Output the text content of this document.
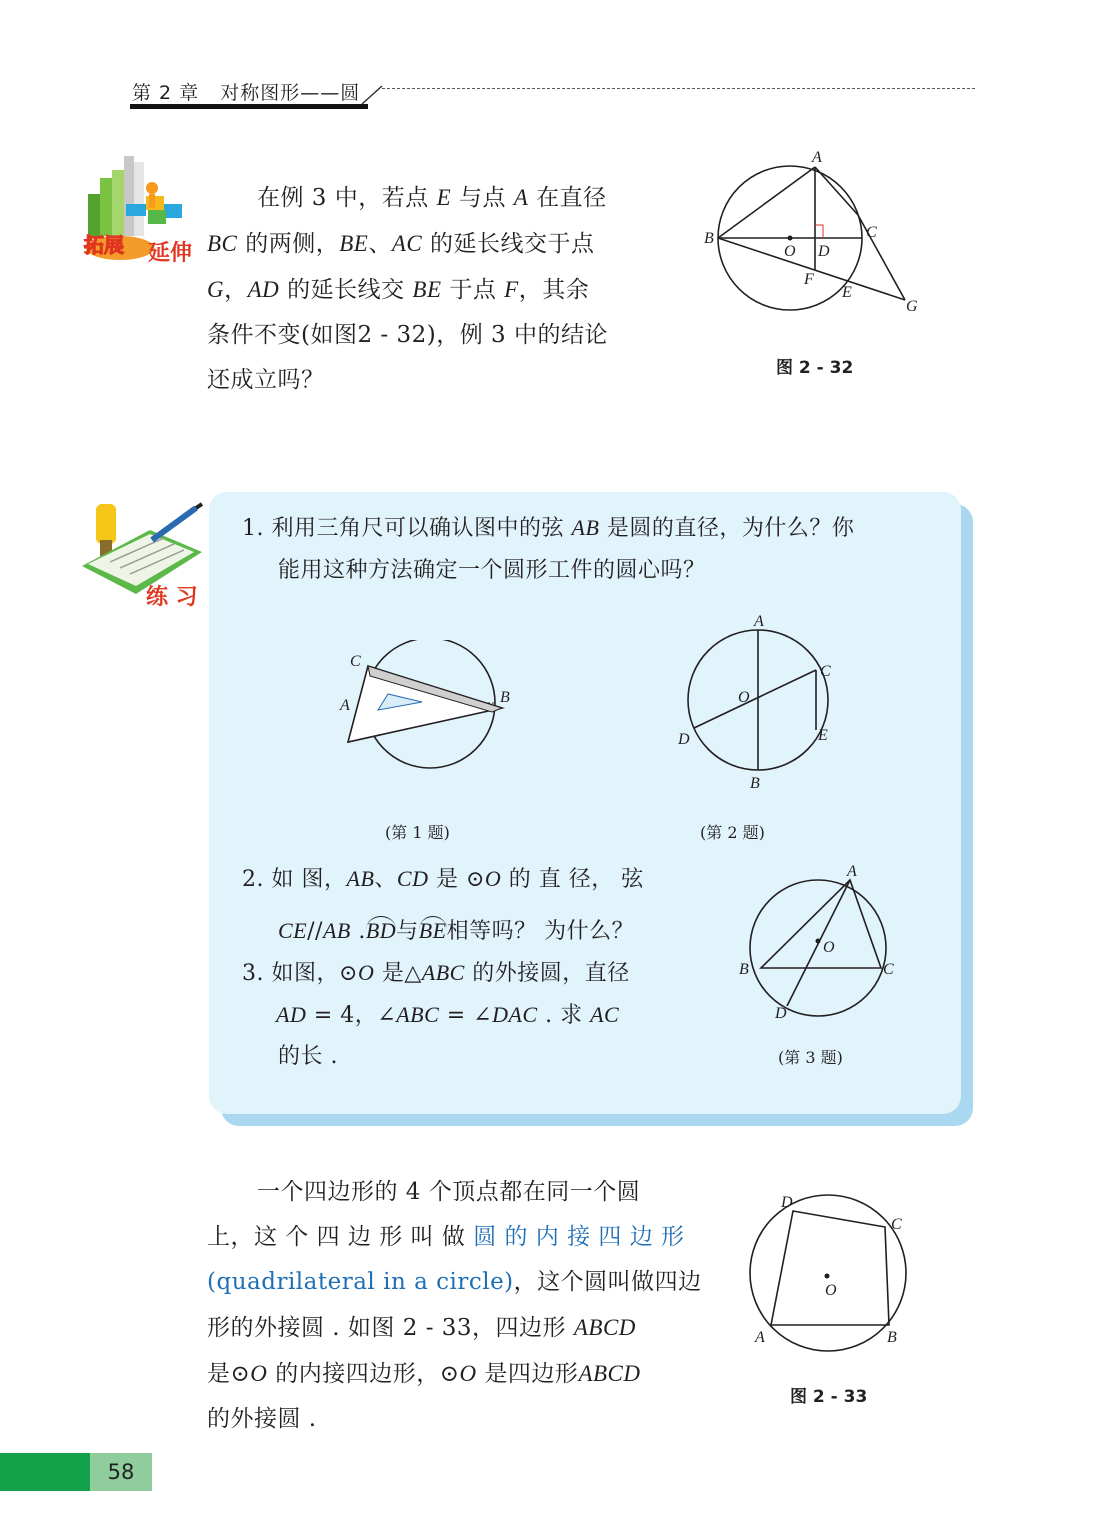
第 2 章 对称图形——圆
拓展 延伸
在例 3 中，若点 E 与点 A 在直径
BC 的两侧，BE、AC 的延长线交于点
G，AD 的延长线交 BE 于点 F，其余
条件不变(如图2 - 32)，例 3 中的结论
还成立吗？
A
B	C
O D
F
E
G
图 2 - 32
练 习
1. 利用三角尺可以确认图中的弦 AB 是圆的直径，为什么？你
能用这种方法确定一个圆形工件的圆心吗？
C
A	B
(第 1 题)
A
B
C
D	E
O
(第 2 题)
2. 如 图，AB、CD 是 ⊙O 的 直 径， 弦
CE//AB .BD与BE相等吗？ 为什么？
3. 如图，⊙O 是△ABC 的外接圆，直径
AD = 4，∠ABC = ∠DAC . 求 AC
的长 .
A
B	C
D
O
(第 3 题)
一个四边形的 4 个顶点都在同一个圆
上，这 个 四 边 形 叫 做 圆 的 内 接 四 边 形
(quadrilateral in a circle)，这个圆叫做四边
形的外接圆 . 如图 2 - 33，四边形 ABCD
是⊙O 的内接四边形，⊙O 是四边形ABCD
的外接圆 .
D
C
A	B
O
图 2 - 33
58
